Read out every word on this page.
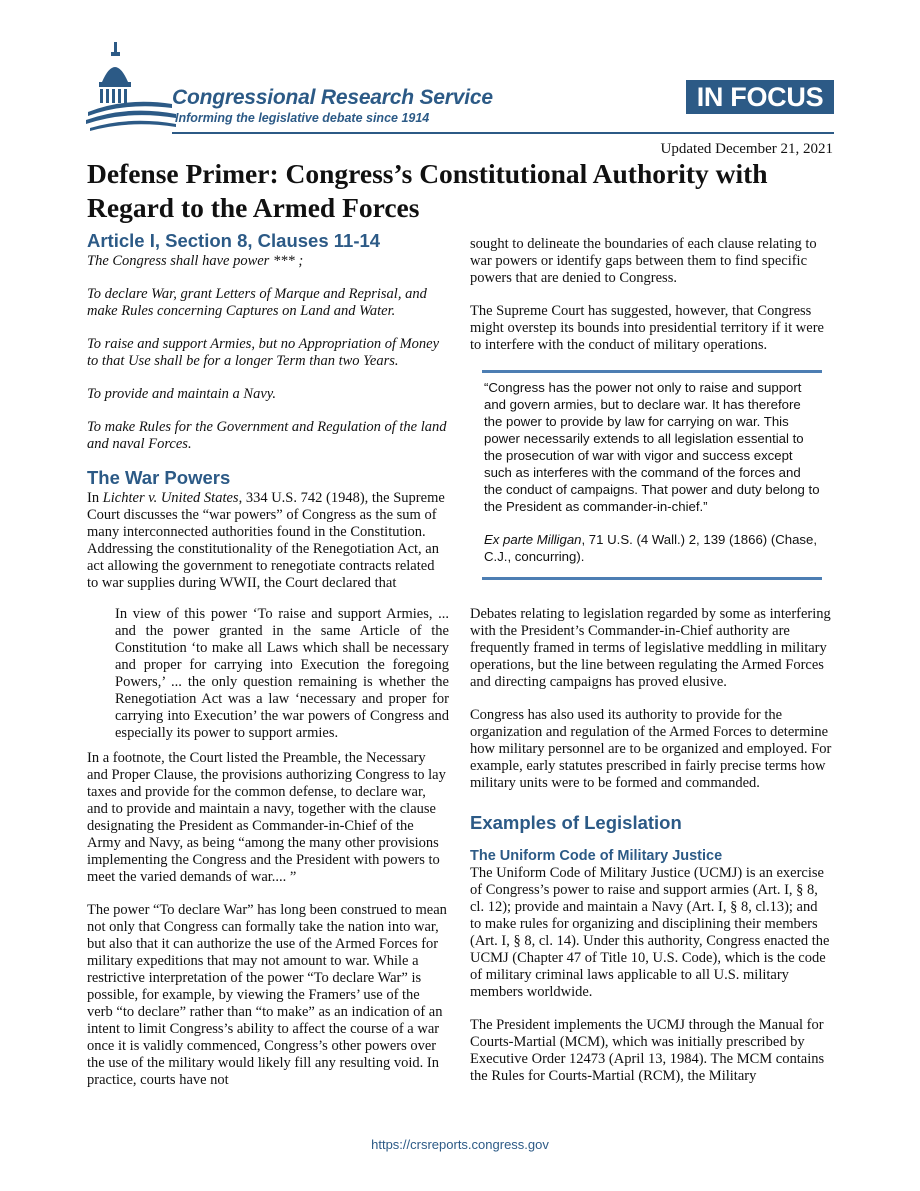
Congressional Research Service
Informing the legislative debate since 1914
IN FOCUS
Updated December 21, 2021
Defense Primer: Congress’s Constitutional Authority with Regard to the Armed Forces
Article I, Section 8, Clauses 11-14

The Congress shall have power *** ;

To declare War, grant Letters of Marque and Reprisal, and make Rules concerning Captures on Land and Water.

To raise and support Armies, but no Appropriation of Money to that Use shall be for a longer Term than two Years.

To provide and maintain a Navy.

To make Rules for the Government and Regulation of the land and naval Forces.

The War Powers

In Lichter v. United States, 334 U.S. 742 (1948), the Supreme Court discusses the “war powers” of Congress as the sum of many interconnected authorities found in the Constitution. Addressing the constitutionality of the Renegotiation Act, an act allowing the government to renegotiate contracts related to war supplies during WWII, the Court declared that

In view of this power ‘To raise and support Armies, ... and the power granted in the same Article of the Constitution ‘to make all Laws which shall be necessary and proper for carrying into Execution the foregoing Powers,’ ... the only question remaining is whether the Renegotiation Act was a law ‘necessary and proper for carrying into Execution’ the war powers of Congress and especially its power to support armies.

In a footnote, the Court listed the Preamble, the Necessary and Proper Clause, the provisions authorizing Congress to lay taxes and provide for the common defense, to declare war, and to provide and maintain a navy, together with the clause designating the President as Commander-in-Chief of the Army and Navy, as being “among the many other provisions implementing the Congress and the President with powers to meet the varied demands of war.... ”

The power “To declare War” has long been construed to mean not only that Congress can formally take the nation into war, but also that it can authorize the use of the Armed Forces for military expeditions that may not amount to war. While a restrictive interpretation of the power “To declare War” is possible, for example, by viewing the Framers’ use of the verb “to declare” rather than “to make” as an indication of an intent to limit Congress’s ability to affect the course of a war once it is validly commenced, Congress’s other powers over the use of the military would likely fill any resulting void. In practice, courts have not

sought to delineate the boundaries of each clause relating to war powers or identify gaps between them to find specific powers that are denied to Congress.

The Supreme Court has suggested, however, that Congress might overstep its bounds into presidential territory if it were to interfere with the conduct of military operations.

“Congress has the power not only to raise and support and govern armies, but to declare war. It has therefore the power to provide by law for carrying on war. This power necessarily extends to all legislation essential to the prosecution of war with vigor and success except such as interferes with the command of the forces and the conduct of campaigns. That power and duty belong to the President as commander-in-chief.”

Ex parte Milligan, 71 U.S. (4 Wall.) 2, 139 (1866) (Chase, C.J., concurring).

Debates relating to legislation regarded by some as interfering with the President’s Commander-in-Chief authority are frequently framed in terms of legislative meddling in military operations, but the line between regulating the Armed Forces and directing campaigns has proved elusive.

Congress has also used its authority to provide for the organization and regulation of the Armed Forces to determine how military personnel are to be organized and employed. For example, early statutes prescribed in fairly precise terms how military units were to be formed and commanded.

Examples of Legislation
The Uniform Code of Military Justice

The Uniform Code of Military Justice (UCMJ) is an exercise of Congress’s power to raise and support armies (Art. I, § 8, cl. 12); provide and maintain a Navy (Art. I, § 8, cl.13); and to make rules for organizing and disciplining their members (Art. I, § 8, cl. 14). Under this authority, Congress enacted the UCMJ (Chapter 47 of Title 10, U.S. Code), which is the code of military criminal laws applicable to all U.S. military members worldwide.

The President implements the UCMJ through the Manual for Courts-Martial (MCM), which was initially prescribed by Executive Order 12473 (April 13, 1984). The MCM contains the Rules for Courts-Martial (RCM), the Military

https://crsreports.congress.gov
